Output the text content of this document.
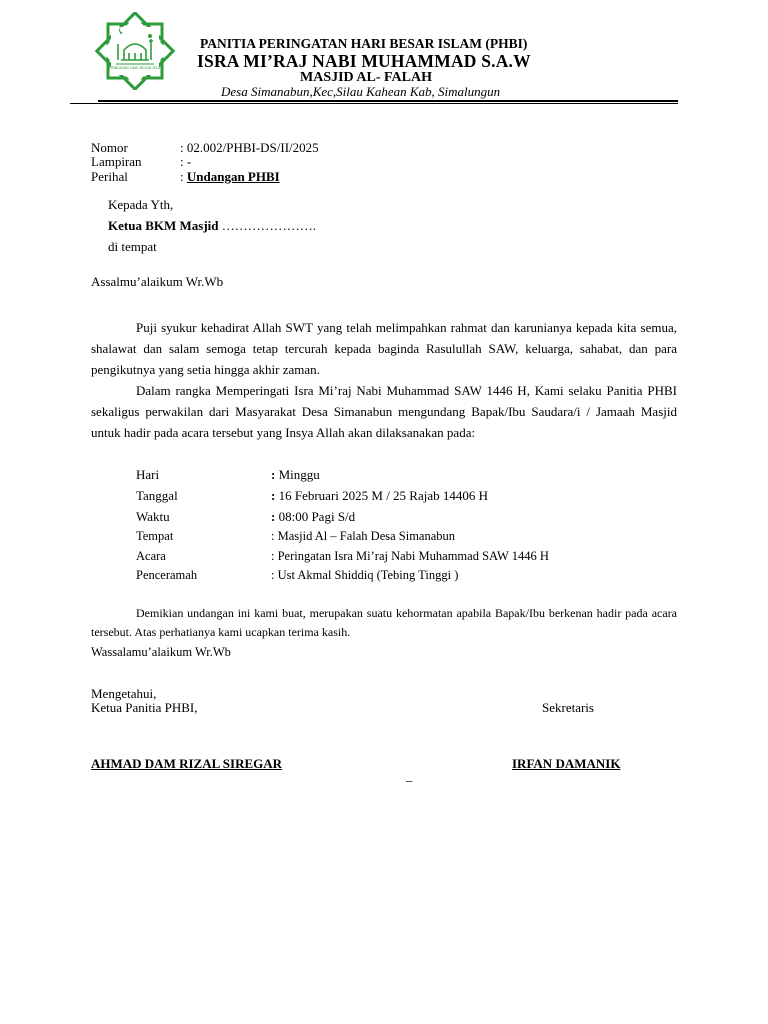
PERINGATAN HARI BESAR ISLAM
PANITIA PERINGATAN HARI BESAR ISLAM (PHBI)
ISRA MI’RAJ NABI MUHAMMAD S.A.W
MASJID AL- FALAH
Desa Simanabun,Kec,Silau Kahean Kab, Simalungun
Nomor	: 02.002/PHBI-DS/II/2025
Lampiran	: -
Perihal	: Undangan PHBI
Kepada Yth,
Ketua BKM Masjid ………………….
di tempat
Assalmu’alaikum Wr.Wb
Puji syukur kehadirat Allah SWT yang telah melimpahkan rahmat dan karunianya kepada kita semua, shalawat dan salam semoga tetap tercurah kepada baginda Rasulullah SAW, keluarga, sahabat, dan para pengikutnya yang setia hingga akhir zaman.
Dalam rangka Memperingati Isra Mi’raj Nabi Muhammad SAW 1446 H, Kami selaku Panitia PHBI sekaligus perwakilan dari Masyarakat Desa Simanabun mengundang Bapak/Ibu Saudara/i / Jamaah Masjid untuk hadir pada acara tersebut yang Insya Allah akan dilaksanakan pada:
Hari	: Minggu
Tanggal	: 16 Februari 2025 M / 25 Rajab 14406 H
Waktu	: 08:00 Pagi S/d
Tempat	: Masjid Al – Falah Desa Simanabun
Acara	: Peringatan Isra Mi’raj Nabi Muhammad SAW 1446 H
Penceramah	: Ust Akmal Shiddiq (Tebing Tinggi )
Demikian undangan ini kami buat, merupakan suatu kehormatan apabila Bapak/Ibu berkenan hadir pada acara tersebut. Atas perhatianya kami ucapkan terima kasih.
Wassalamu’alaikum Wr.Wb
Mengetahui,
Ketua Panitia PHBI,	Sekretaris
AHMAD DAM RIZAL SIREGAR	IRFAN DAMANIK
_
